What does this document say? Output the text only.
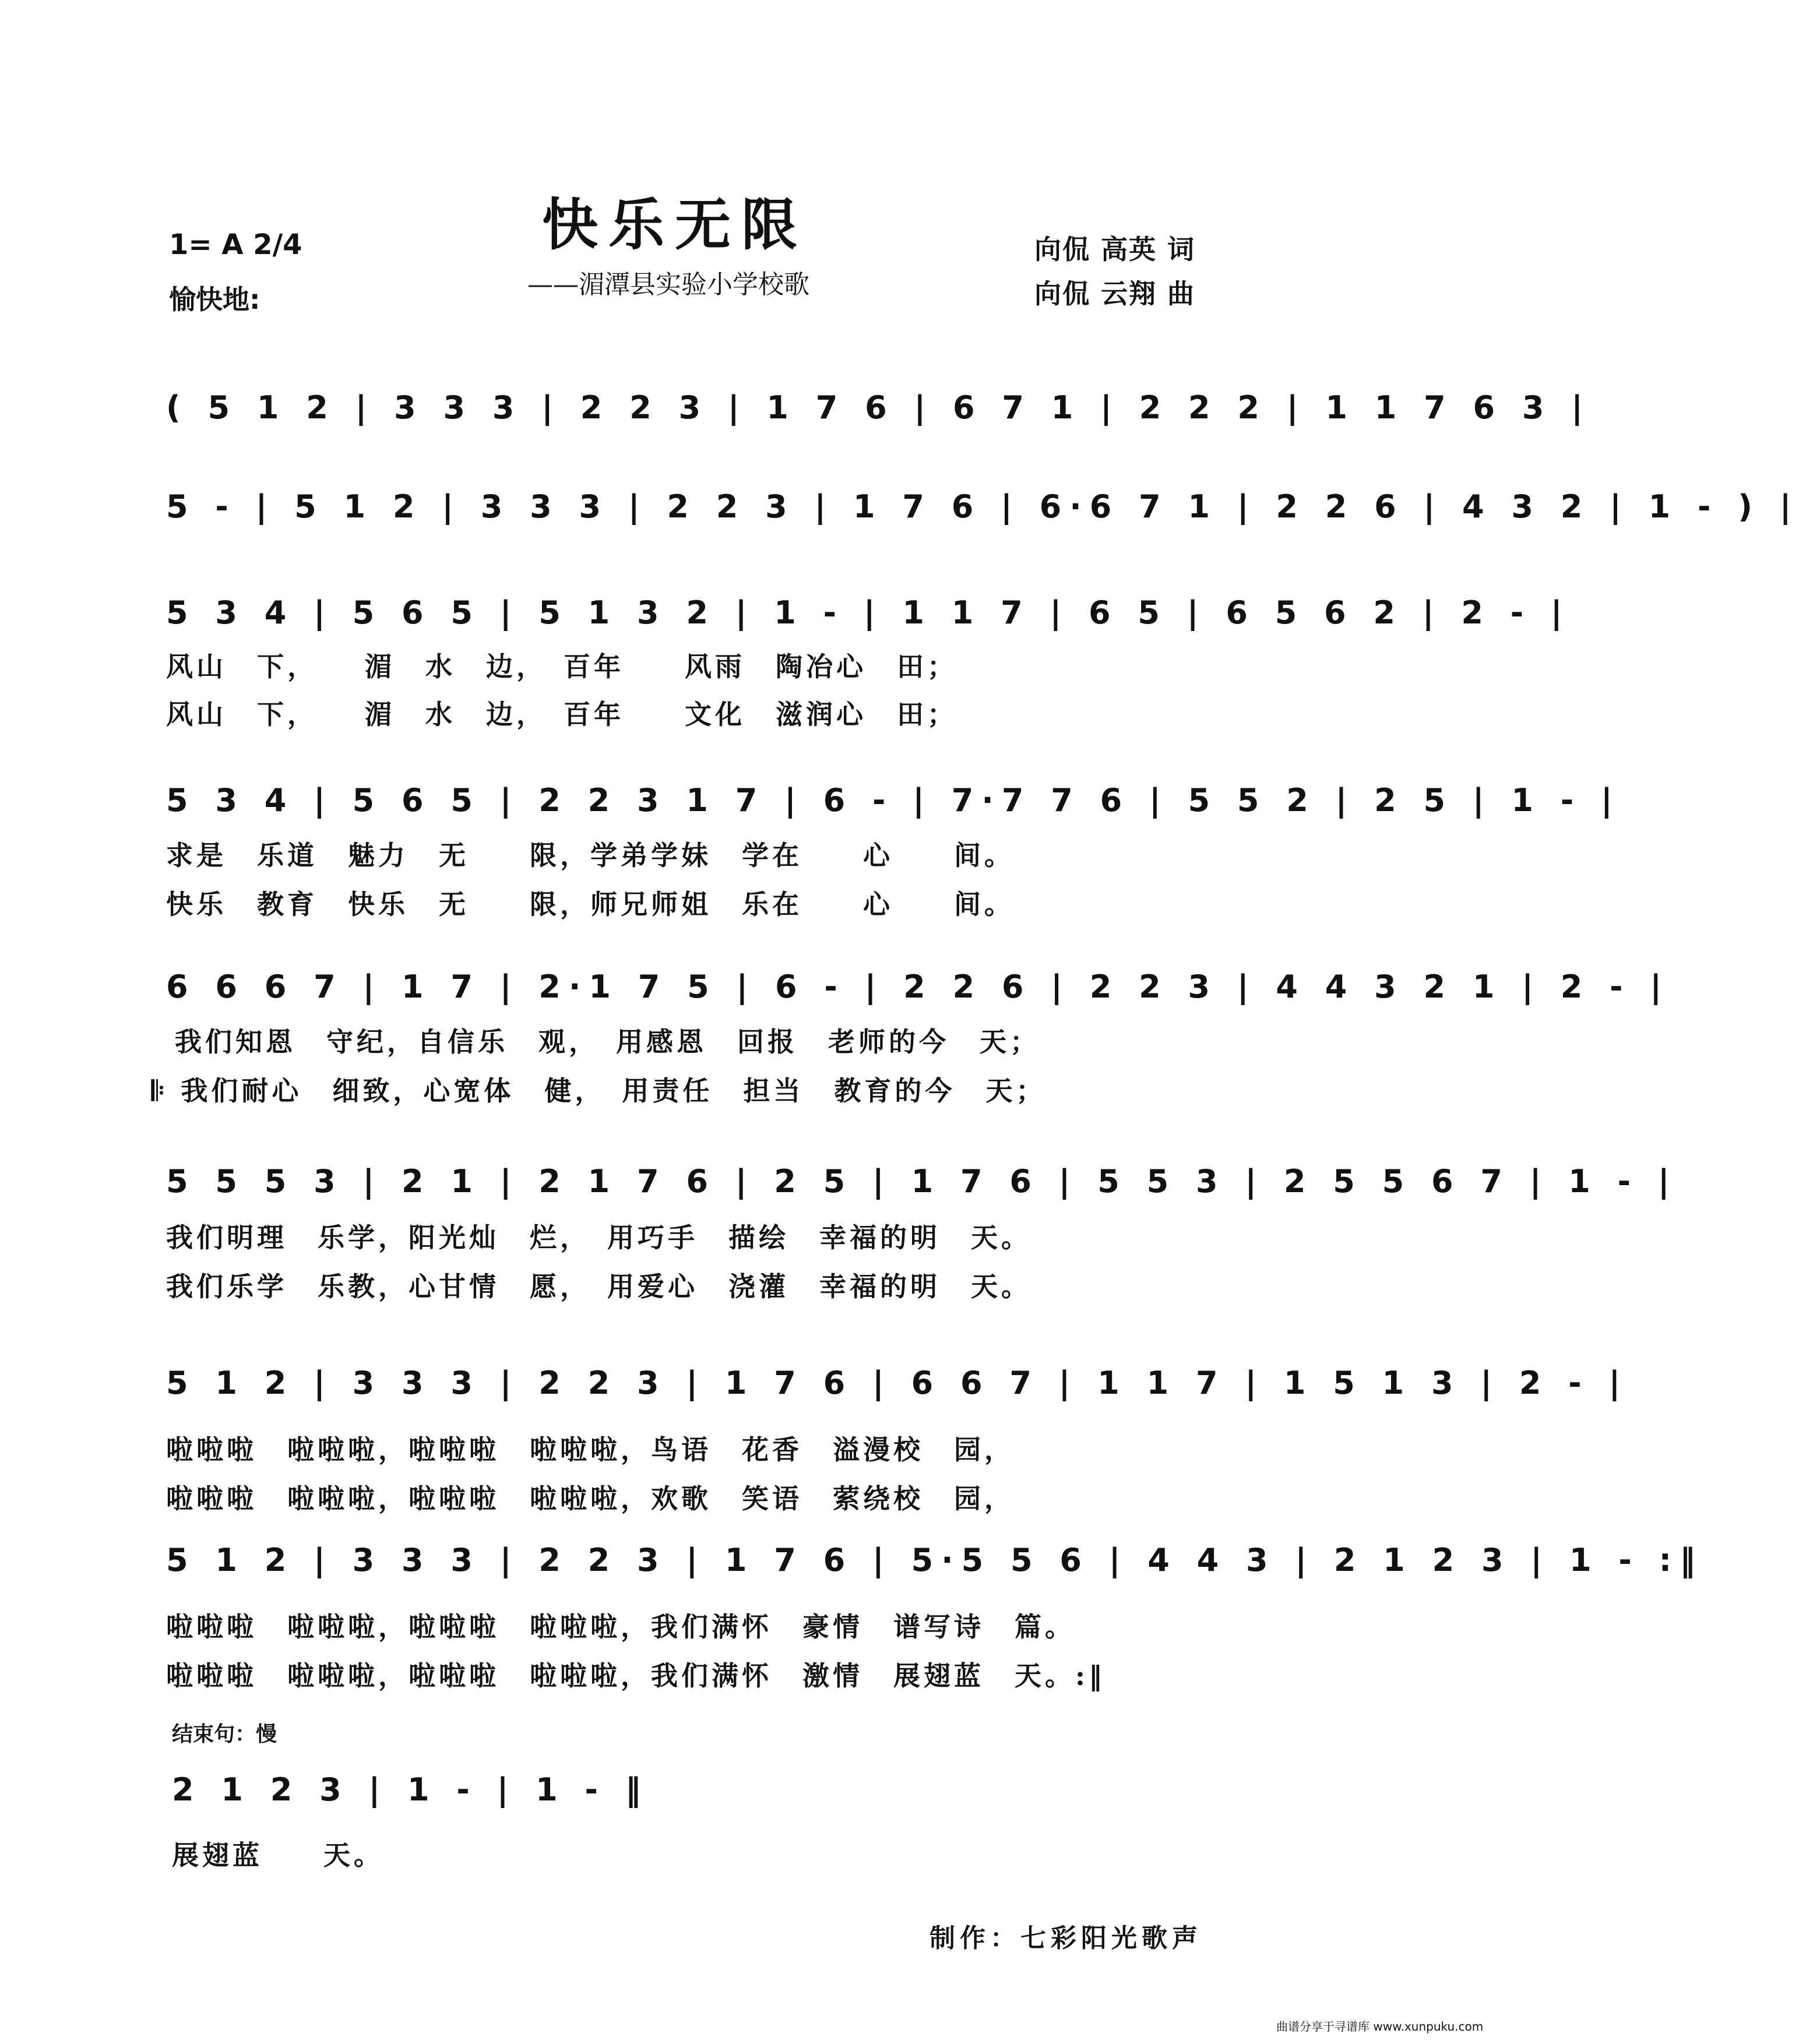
1= A 2/4
愉快地:
快乐无限
——湄潭县实验小学校歌
向侃 高英 词
向侃 云翔 曲
( 5 1 2 | 3 3 3 | 2 2 3 | 1 7 6 | 6 7 1 | 2 2 2 | 1 1 7 6 3 |
5 - | 5 1 2 | 3 3 3 | 2 2 3 | 1 7 6 | 6·6 7 1 | 2 2 6 | 4 3 2 | 1 - ) |
5 3 4 | 5 6 5 | 5 1 3 2 | 1 - | 1 1 7 | 6 5 | 6 5 6 2 | 2 - |
风山　下，　　湄　水　边，　百年　　风雨　陶冶心　田；
风山　下，　　湄　水　边，　百年　　文化　滋润心　田；
5 3 4 | 5 6 5 | 2 2 3 1 7 | 6 - | 7·7 7 6 | 5 5 2 | 2 5 | 1 - |
求是　乐道　魅力　无　　限，学弟学妹　学在　　心　　间。
快乐　教育　快乐　无　　限，师兄师姐　乐在　　心　　间。
6 6 6 7 | 1 7 | 2·1 7 5 | 6 - | 2 2 6 | 2 2 3 | 4 4 3 2 1 | 2 - |
我们知恩　守纪，自信乐　观，　用感恩　回报　老师的今　天；
𝄆 我们耐心　细致，心宽体　健，　用责任　担当　教育的今　天；
5 5 5 3 | 2 1 | 2 1 7 6 | 2 5 | 1 7 6 | 5 5 3 | 2 5 5 6 7 | 1 - |
我们明理　乐学，阳光灿　烂，　用巧手　描绘　幸福的明　天。
我们乐学　乐教，心甘情　愿，　用爱心　浇灌　幸福的明　天。
5 1 2 | 3 3 3 | 2 2 3 | 1 7 6 | 6 6 7 | 1 1 7 | 1 5 1 3 | 2 - |
啦啦啦　啦啦啦，啦啦啦　啦啦啦，鸟语　花香　溢漫校　园，
啦啦啦　啦啦啦，啦啦啦　啦啦啦，欢歌　笑语　萦绕校　园，
5 1 2 | 3 3 3 | 2 2 3 | 1 7 6 | 5·5 5 6 | 4 4 3 | 2 1 2 3 | 1 - :‖
啦啦啦　啦啦啦，啦啦啦　啦啦啦，我们满怀　豪情　谱写诗　篇。
啦啦啦　啦啦啦，啦啦啦　啦啦啦，我们满怀　激情　展翅蓝　天。:‖
结束句：慢
2 1 2 3 | 1 - | 1 - ‖
展翅蓝　　天。
制作：七彩阳光歌声
曲谱分享于寻谱库 www.xunpuku.com
